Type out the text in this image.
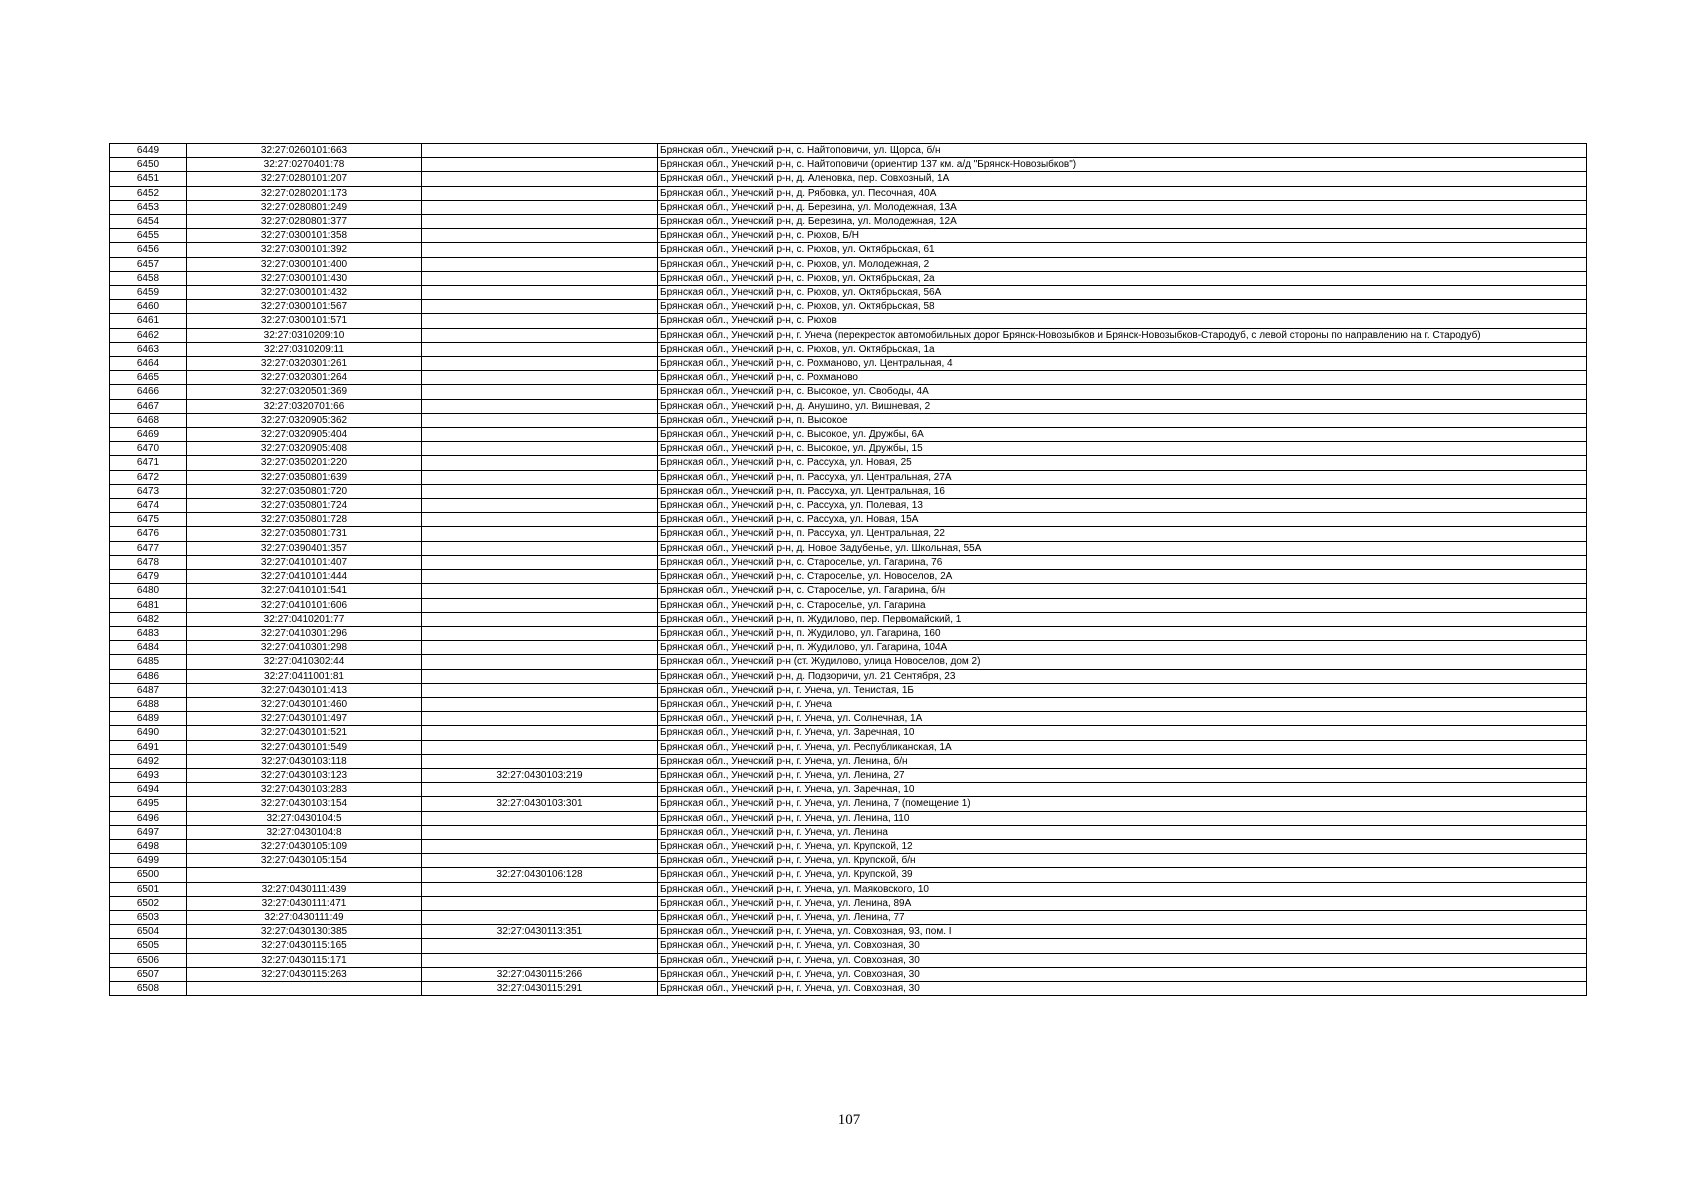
6449	32:27:0260101:663		Брянская обл., Унечский р-н, с. Найтоповичи, ул. Щорса, б/н
6450	32:27:0270401:78		Брянская обл., Унечский р-н, с. Найтоповичи (ориентир 137 км. а/д "Брянск-Новозыбков")
6451	32:27:0280101:207		Брянская обл., Унечский р-н, д. Аленовка, пер. Совхозный, 1А
6452	32:27:0280201:173		Брянская обл., Унечский р-н, д. Рябовка, ул. Песочная, 40А
6453	32:27:0280801:249		Брянская обл., Унечский р-н, д. Березина, ул. Молодежная, 13А
6454	32:27:0280801:377		Брянская обл., Унечский р-н, д. Березина, ул. Молодежная, 12А
6455	32:27:0300101:358		Брянская обл., Унечский р-н, с. Рюхов, Б/Н
6456	32:27:0300101:392		Брянская обл., Унечский р-н, с. Рюхов, ул. Октябрьская, 61
6457	32:27:0300101:400		Брянская обл., Унечский р-н, с. Рюхов, ул. Молодежная, 2
6458	32:27:0300101:430		Брянская обл., Унечский р-н, с. Рюхов, ул. Октябрьская, 2а
6459	32:27:0300101:432		Брянская обл., Унечский р-н, с. Рюхов, ул. Октябрьская, 56А
6460	32:27:0300101:567		Брянская обл., Унечский р-н, с. Рюхов, ул. Октябрьская, 58
6461	32:27:0300101:571		Брянская обл., Унечский р-н, с. Рюхов
6462	32:27:0310209:10		Брянская обл., Унечский р-н, г. Унеча (перекресток автомобильных дорог Брянск-Новозыбков и Брянск-Новозыбков-Стародуб, с левой стороны по направлению на г. Стародуб)
6463	32:27:0310209:11		Брянская обл., Унечский р-н, с. Рюхов, ул. Октябрьская, 1а
6464	32:27:0320301:261		Брянская обл., Унечский р-н, с. Рохманово, ул. Центральная, 4
6465	32:27:0320301:264		Брянская обл., Унечский р-н, с. Рохманово
6466	32:27:0320501:369		Брянская обл., Унечский р-н, с. Высокое, ул. Свободы, 4А
6467	32:27:0320701:66		Брянская обл., Унечский р-н, д. Анушино, ул. Вишневая, 2
6468	32:27:0320905:362		Брянская обл., Унечский р-н, п. Высокое
6469	32:27:0320905:404		Брянская обл., Унечский р-н, с. Высокое, ул. Дружбы, 6А
6470	32:27:0320905:408		Брянская обл., Унечский р-н, с. Высокое, ул. Дружбы, 15
6471	32:27:0350201:220		Брянская обл., Унечский р-н, с. Рассуха, ул. Новая, 25
6472	32:27:0350801:639		Брянская обл., Унечский р-н, п. Рассуха, ул. Центральная, 27А
6473	32:27:0350801:720		Брянская обл., Унечский р-н, п. Рассуха, ул. Центральная, 16
6474	32:27:0350801:724		Брянская обл., Унечский р-н, с. Рассуха, ул. Полевая, 13
6475	32:27:0350801:728		Брянская обл., Унечский р-н, с. Рассуха, ул. Новая, 15А
6476	32:27:0350801:731		Брянская обл., Унечский р-н, п. Рассуха, ул. Центральная, 22
6477	32:27:0390401:357		Брянская обл., Унечский р-н, д. Новое Задубенье, ул. Школьная, 55А
6478	32:27:0410101:407		Брянская обл., Унечский р-н, с. Староселье, ул. Гагарина, 76
6479	32:27:0410101:444		Брянская обл., Унечский р-н, с. Староселье, ул. Новоселов, 2А
6480	32:27:0410101:541		Брянская обл., Унечский р-н, с. Староселье, ул. Гагарина, б/н
6481	32:27:0410101:606		Брянская обл., Унечский р-н, с. Староселье, ул. Гагарина
6482	32:27:0410201:77		Брянская обл., Унечский р-н, п. Жудилово, пер. Первомайский, 1
6483	32:27:0410301:296		Брянская обл., Унечский р-н, п. Жудилово, ул. Гагарина, 160
6484	32:27:0410301:298		Брянская обл., Унечский р-н, п. Жудилово, ул. Гагарина, 104А
6485	32:27:0410302:44		Брянская обл., Унечский р-н (ст. Жудилово, улица Новоселов, дом 2)
6486	32:27:0411001:81		Брянская обл., Унечский р-н, д. Подзоричи, ул. 21 Сентября, 23
6487	32:27:0430101:413		Брянская обл., Унечский р-н, г. Унеча, ул. Тенистая, 1Б
6488	32:27:0430101:460		Брянская обл., Унечский р-н, г. Унеча
6489	32:27:0430101:497		Брянская обл., Унечский р-н, г. Унеча, ул. Солнечная, 1А
6490	32:27:0430101:521		Брянская обл., Унечский р-н, г. Унеча, ул. Заречная, 10
6491	32:27:0430101:549		Брянская обл., Унечский р-н, г. Унеча, ул. Республиканская, 1А
6492	32:27:0430103:118		Брянская обл., Унечский р-н, г. Унеча, ул. Ленина, б/н
6493	32:27:0430103:123	32:27:0430103:219	Брянская обл., Унечский р-н, г. Унеча, ул. Ленина, 27
6494	32:27:0430103:283		Брянская обл., Унечский р-н, г. Унеча, ул. Заречная, 10
6495	32:27:0430103:154	32:27:0430103:301	Брянская обл., Унечский р-н, г. Унеча, ул. Ленина, 7 (помещение 1)
6496	32:27:0430104:5		Брянская обл., Унечский р-н, г. Унеча, ул. Ленина, 110
6497	32:27:0430104:8		Брянская обл., Унечский р-н, г. Унеча, ул. Ленина
6498	32:27:0430105:109		Брянская обл., Унечский р-н, г. Унеча, ул. Крупской, 12
6499	32:27:0430105:154		Брянская обл., Унечский р-н, г. Унеча, ул. Крупской, б/н
6500		32:27:0430106:128	Брянская обл., Унечский р-н, г. Унеча, ул. Крупской, 39
6501	32:27:0430111:439		Брянская обл., Унечский р-н, г. Унеча, ул. Маяковского, 10
6502	32:27:0430111:471		Брянская обл., Унечский р-н, г. Унеча, ул. Ленина, 89А
6503	32:27:0430111:49		Брянская обл., Унечский р-н, г. Унеча, ул. Ленина, 77
6504	32:27:0430130:385	32:27:0430113:351	Брянская обл., Унечский р-н, г. Унеча, ул. Совхозная, 93, пом. I
6505	32:27:0430115:165		Брянская обл., Унечский р-н, г. Унеча, ул. Совхозная, 30
6506	32:27:0430115:171		Брянская обл., Унечский р-н, г. Унеча, ул. Совхозная, 30
6507	32:27:0430115:263	32:27:0430115:266	Брянская обл., Унечский р-н, г. Унеча, ул. Совхозная, 30
6508		32:27:0430115:291	Брянская обл., Унечский р-н, г. Унеча, ул. Совхозная, 30
107
